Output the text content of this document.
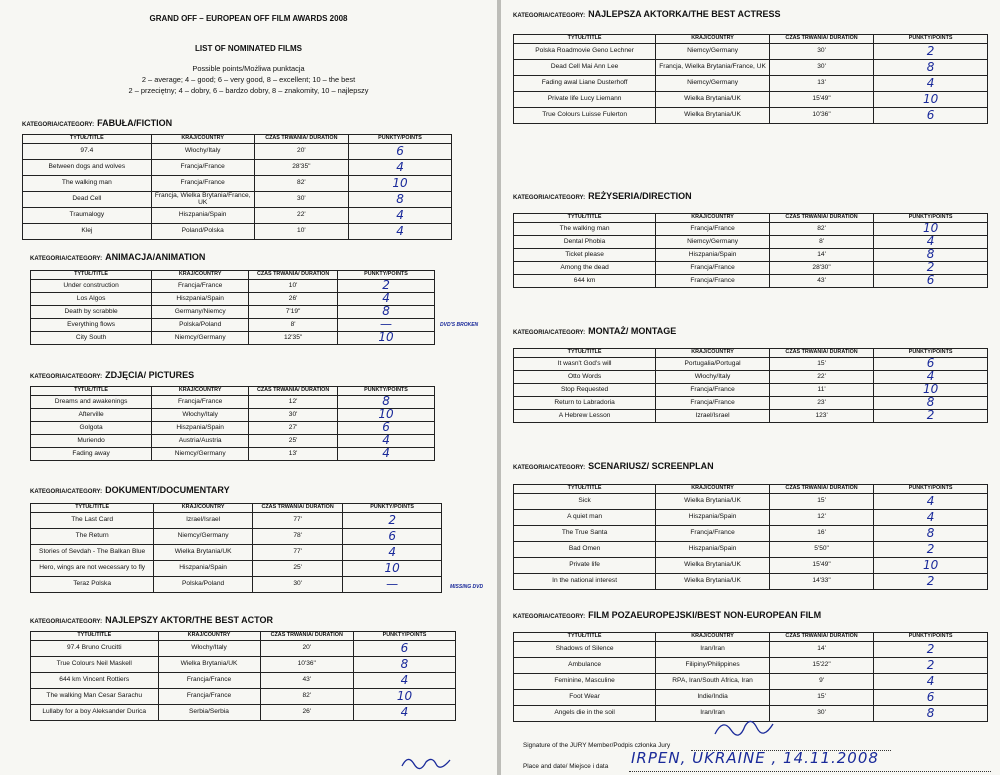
GRAND OFF – EUROPEAN OFF FILM AWARDS 2008
LIST OF NOMINATED FILMS
Possible points/Możliwa punktacja
2 – average; 4 – good; 6 – very good, 8 – excellent; 10 – the best
2 – przeciętny; 4 – dobry, 6 – bardzo dobry, 8 – znakomity, 10 – najlepszy
KATEGORIA/CATEGORY: FABUŁA/FICTION
TYTUŁ/TITLE	KRAJ/COUNTRY	CZAS TRWANIA/ DURATION	PUNKTY/POINTS
97.4	Włochy/Italy	20'	6
Between dogs and wolves	Francja/France	28'35"	4
The walking man	Francja/France	82'	10
Dead Cell	Francja, Wielka Brytania/France, UK	30'	8
Traumalogy	Hiszpania/Spain	22'	4
Klej	Poland/Polska	10'	4
KATEGORIA/CATEGORY: ANIMACJA/ANIMATION
TYTUŁ/TITLE	KRAJ/COUNTRY	CZAS TRWANIA/ DURATION	PUNKTY/POINTS
Under construction	Francja/France	10'	2
Los Algos	Hiszpania/Spain	26'	4
Death by scrabble	Germany/Niemcy	7'19"	8
Everything flows	Polska/Poland	8'	—
City South	Niemcy/Germany	12'35"	10
DVD'S BROKEN
KATEGORIA/CATEGORY: ZDJĘCIA/ PICTURES
TYTUŁ/TITLE	KRAJ/COUNTRY	CZAS TRWANIA/ DURATION	PUNKTY/POINTS
Dreams and awakenings	Francja/France	12'	8
Afterville	Włochy/Italy	30'	10
Golgota	Hiszpania/Spain	27'	6
Muriendo	Austria/Austria	25'	4
Fading away	Niemcy/Germany	13'	4
KATEGORIA/CATEGORY: DOKUMENT/DOCUMENTARY
TYTUŁ/TITLE	KRAJ/COUNTRY	CZAS TRWANIA/ DURATION	PUNKTY/POINTS
The Last Card	Izrael/Israel	77'	2
The Return	Niemcy/Germany	78'	6
Stories of Sevdah - The Balkan Blue	Wielka Brytania/UK	77'	4
Hero, wings are not wecessary to fly	Hiszpania/Spain	25'	10
Teraz Polska	Polska/Poland	30'	—	MISSING DVD
KATEGORIA/CATEGORY: NAJLEPSZY AKTOR/THE BEST ACTOR
TYTUŁ/TITLE	KRAJ/COUNTRY	CZAS TRWANIA/ DURATION	PUNKTY/POINTS
97.4 Bruno Crucitti	Włochy/Italy	20'	6
True Colours Neil Maskell	Wielka Brytania/UK	10'36"	8
644 km Vincent Rottiers	Francja/France	43'	4
The walking Man Cesar Sarachu	Francja/France	82'	10
Lullaby for a boy Aleksander Durica	Serbia/Serbia	26'	4
KATEGORIA/CATEGORY: NAJLEPSZA AKTORKA/THE BEST ACTRESS
TYTUŁ/TITLE	KRAJ/COUNTRY	CZAS TRWANIA/ DURATION	PUNKTY/POINTS
Polska Roadmovie Geno Lechner	Niemcy/Germany	30'	2
Dead Cell Mai Ann Lee	Francja, Wielka Brytania/France, UK	30'	8
Fading awal Liane Dusterhoff	Niemcy/Germany	13'	4
Private life Lucy Liemann	Wielka Brytania/UK	15'49"	10
True Colours Luisse Fulerton	Wielka Brytania/UK	10'36"	6
KATEGORIA/CATEGORY: REŻYSERIA/DIRECTION
TYTUŁ/TITLE	KRAJ/COUNTRY	CZAS TRWANIA/ DURATION	PUNKTY/POINTS
The walking man	Francja/France	82'	10
Dental Phobia	Niemcy/Germany	8'	4
Ticket please	Hiszpania/Spain	14'	8
Among the dead	Francja/France	28'30"	2
644 km	Francja/France	43'	6
KATEGORIA/CATEGORY: MONTAŻ/ MONTAGE
TYTUŁ/TITLE	KRAJ/COUNTRY	CZAS TRWANIA/ DURATION	PUNKTY/POINTS
It wasn't God's will	Portugalia/Portugal	15'	6
Otto Words	Włochy/Italy	22'	4
Stop Requested	Francja/France	11'	10
Return to Labradoria	Francja/France	23'	8
A Hebrew Lesson	Izrael/Israel	123'	2
KATEGORIA/CATEGORY: SCENARIUSZ/ SCREENPLAN
TYTUŁ/TITLE	KRAJ/COUNTRY	CZAS TRWANIA/ DURATION	PUNKTY/POINTS
Sick	Wielka Brytania/UK	15'	4
A quiet man	Hiszpania/Spain	12'	4
The True Santa	Francja/France	16'	8
Bad Omen	Hiszpania/Spain	5'50"	2
Private life	Wielka Brytania/UK	15'49"	10
In the national interest	Wielka Brytania/UK	14'33"	2
KATEGORIA/CATEGORY: FILM POZAEUROPEJSKI/BEST NON-EUROPEAN FILM
TYTUŁ/TITLE	KRAJ/COUNTRY	CZAS TRWANIA/ DURATION	PUNKTY/POINTS
Shadows of Silence	Iran/Iran	14'	2
Ambulance	Filipiny/Philippines	15'22"	2
Feminine, Masculine	RPA, Iran/South Africa, Iran	9'	4
Foot Wear	Indie/India	15'	6
Angels die in the soil	Iran/Iran	30'	8
Signature of the JURY Member/Podpis członka Jury
Place and date/ Miejsce i data IRPEN, UKRAINE , 14.11.2008
